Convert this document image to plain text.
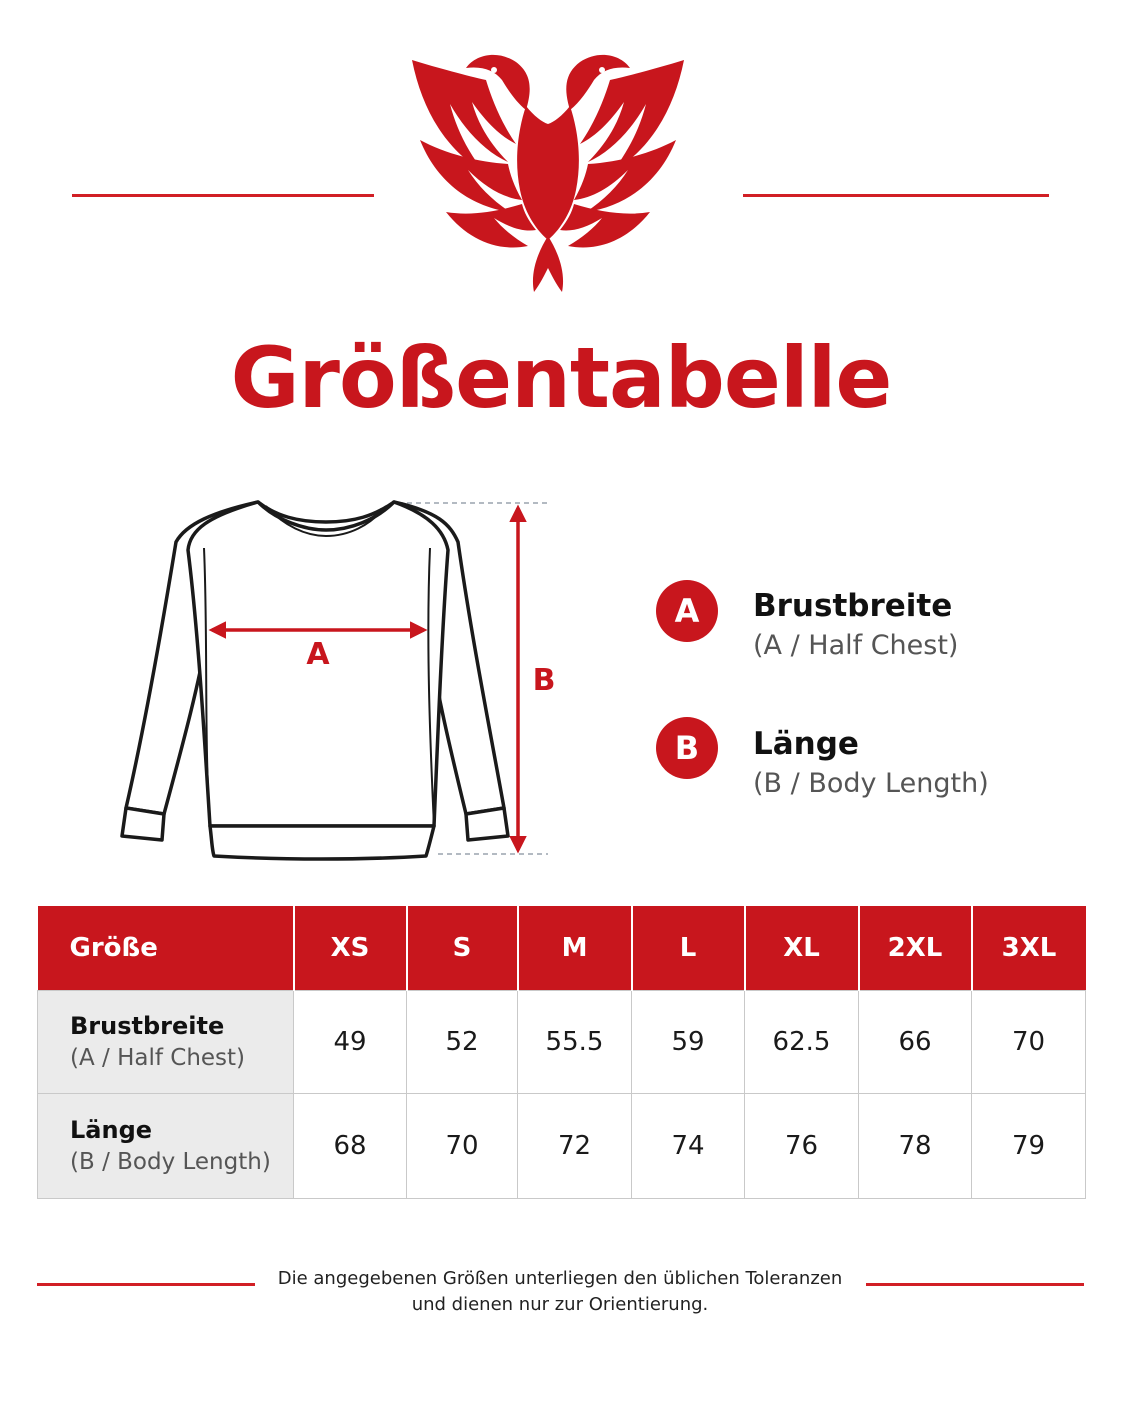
Größentabelle
A
B
A	Brustbreite
(A / Half Chest)
B	Länge
(B / Body Length)
Größe	XS	S	M	L	XL	2XL	3XL

Brustbreite
(A / Half Chest)	49	52	55.5	59	62.5	66	70

Länge
(B / Body Length)	68	70	72	74	76	78	79
Die angegebenen Größen unterliegen den üblichen Toleranzen
und dienen nur zur Orientierung.
